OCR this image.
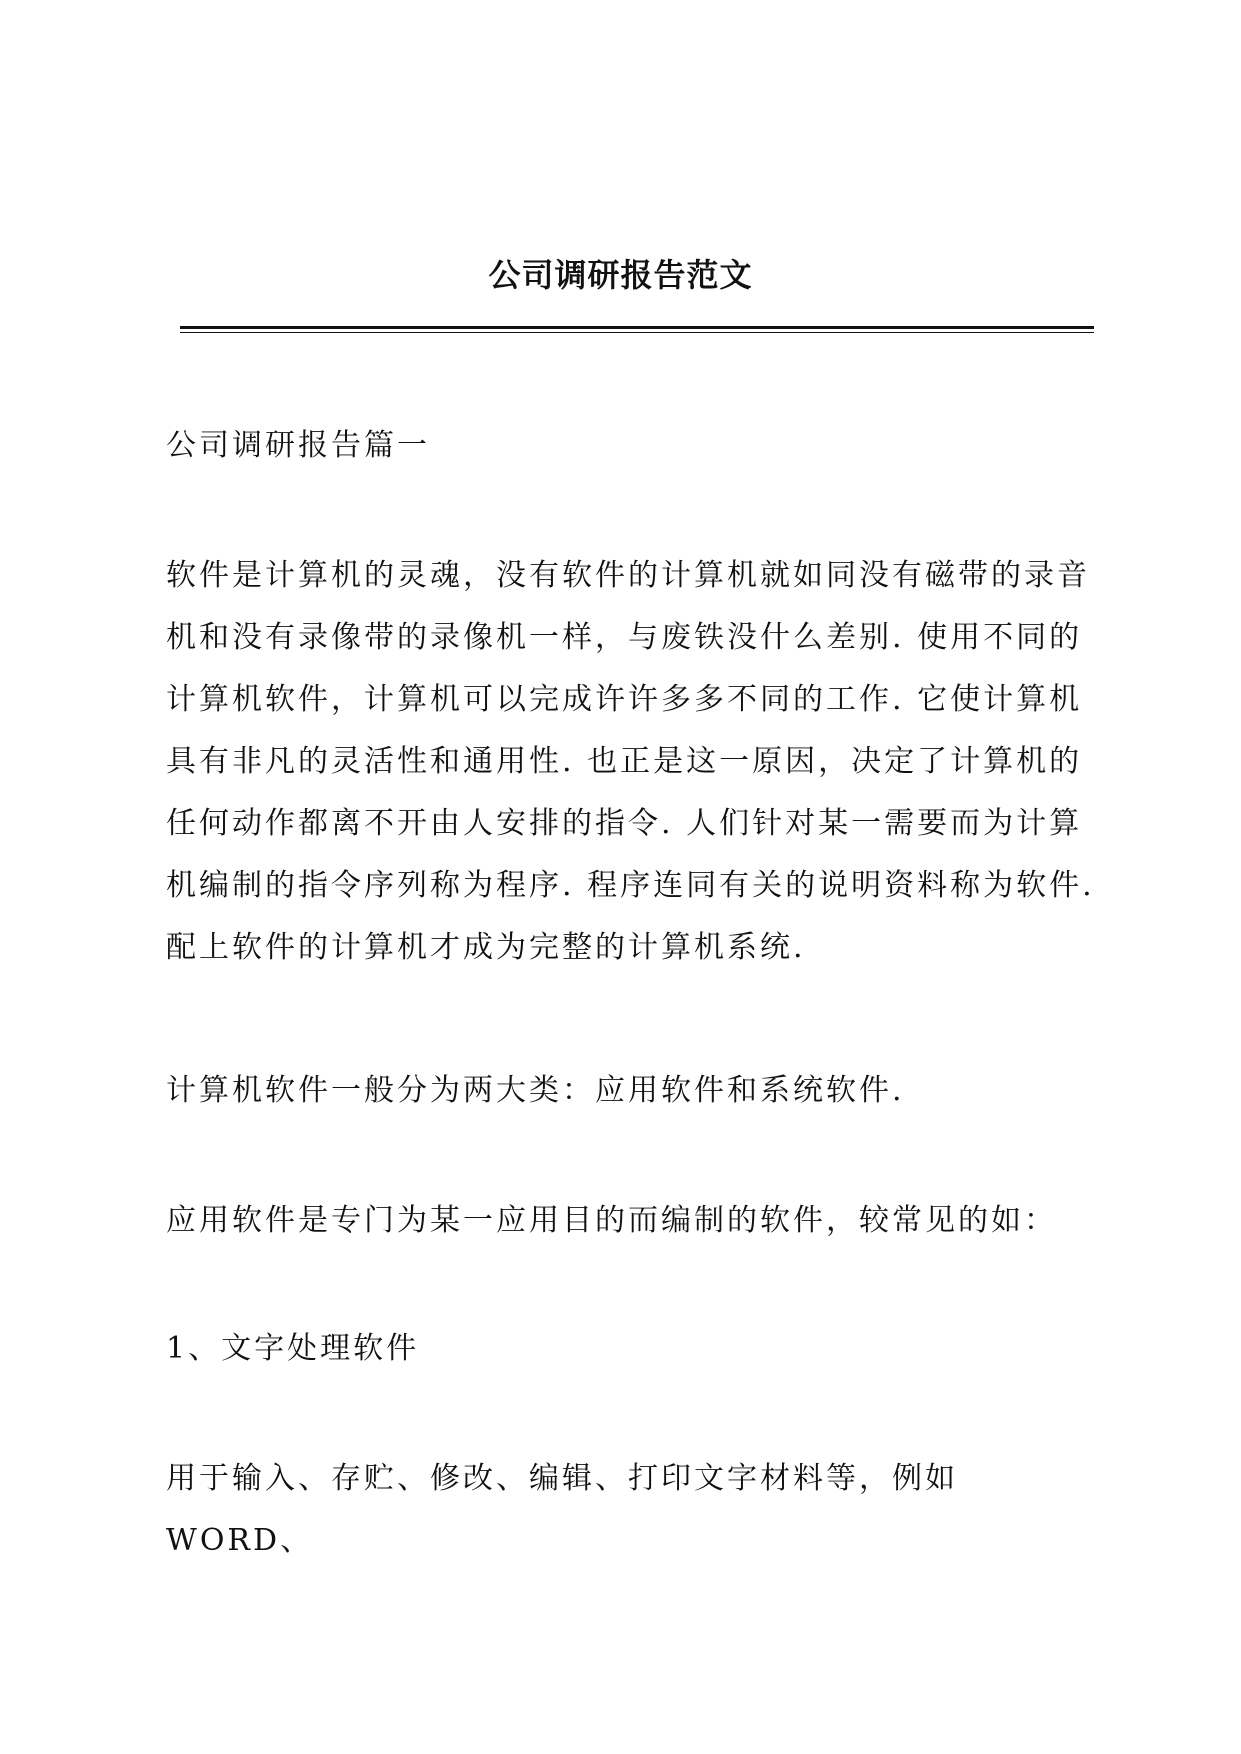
公司调研报告范文
公司调研报告篇一
软件是计算机的灵魂，没有软件的计算机就如同没有磁带的录音机和没有录像带的录像机一样，与废铁没什么差别. 使用不同的计算机软件，计算机可以完成许许多多不同的工作. 它使计算机具有非凡的灵活性和通用性. 也正是这一原因，决定了计算机的任何动作都离不开由人安排的指令. 人们针对某一需要而为计算机编制的指令序列称为程序. 程序连同有关的说明资料称为软件. 配上软件的计算机才成为完整的计算机系统.
计算机软件一般分为两大类：应用软件和系统软件.
应用软件是专门为某一应用目的而编制的软件，较常见的如：
1、文字处理软件
用于输入、存贮、修改、编辑、打印文字材料等，例如WORD、
